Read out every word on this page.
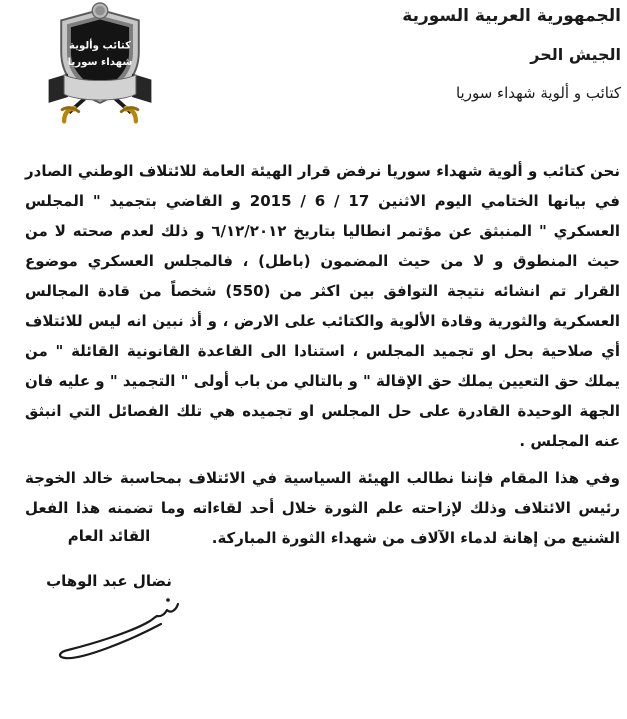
الجمهورية العربية السورية
الجيش الحر
كتائب و ألوية شهداء سوريا
كتائب وألوية
شهداء سوريا

نحن كتائب و ألوية شهداء سوريا نرفض قرار الهيئة العامة للائتلاف الوطني الصادر في بيانها الختامي اليوم الاثنين 17 / 6 / 2015 و القاضي بتجميد " المجلس العسكري " المنبثق عن مؤتمر انطاليا بتاريخ ٦/١٢/٢٠١٢ و ذلك لعدم صحته لا من حيث المنطوق و لا من حيث المضمون (باطل) ، فالمجلس العسكري موضوع القرار تم انشائه نتيجة التوافق بين اكثر من (550) شخصاً من قادة المجالس العسكرية والثورية وقادة الألوية والكتائب على الارض ، و أذ نبين انه ليس للائتلاف أي صلاحية بحل او تجميد المجلس ، استنادا الى القاعدة القانونية القائلة " من يملك حق التعيين يملك حق الإقالة " و بالتالي من باب أولى " التجميد " و عليه فان الجهة الوحيدة القادرة على حل المجلس او تجميده هي تلك الفصائل التي انبثق عنه المجلس .

وفي هذا المقام فإننا نطالب الهيئة السياسية في الائتلاف بمحاسبة خالد الخوجة رئيس الائتلاف وذلك لإزاحته علم الثورة خلال أحد لقاءاته وما تضمنه هذا الفعل الشنيع من إهانة لدماء الآلاف من شهداء الثورة المباركة.

القائد العام
نضال عبد الوهاب
